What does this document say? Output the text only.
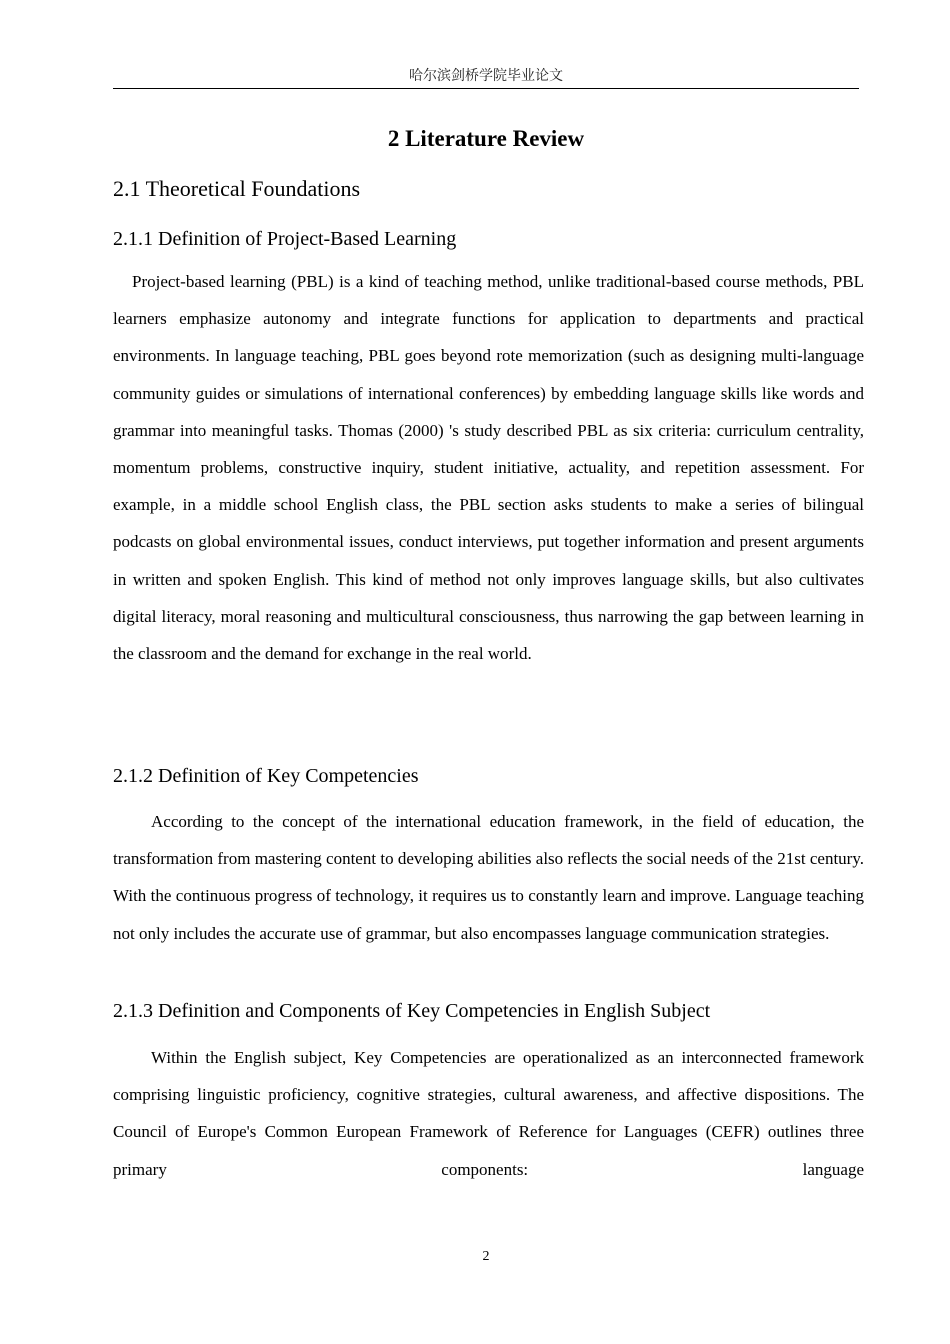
哈尔滨剑桥学院毕业论文
2 Literature Review
2.1 Theoretical Foundations
2.1.1 Definition of Project-Based Learning

Project-based learning (PBL) is a kind of teaching method, unlike traditional-based course methods, PBL learners emphasize autonomy and integrate functions for application to departments and practical environments. In language teaching, PBL goes beyond rote memorization (such as designing multi-language community guides or simulations of international conferences) by embedding language skills like words and grammar into meaningful tasks. Thomas (2000) 's study described PBL as six criteria: curriculum centrality, momentum problems, constructive inquiry, student initiative, actuality, and repetition assessment. For example, in a middle school English class, the PBL section asks students to make a series of bilingual podcasts on global environmental issues, conduct interviews, put together information and present arguments in written and spoken English. This kind of method not only improves language skills, but also cultivates digital literacy, moral reasoning and multicultural consciousness, thus narrowing the gap between learning in the classroom and the demand for exchange in the real world.

2.1.2 Definition of Key Competencies

According to the concept of the international education framework, in the field of education, the transformation from mastering content to developing abilities also reflects the social needs of the 21st century. With the continuous progress of technology, it requires us to constantly learn and improve. Language teaching not only includes the accurate use of grammar, but also encompasses language communication strategies.

2.1.3 Definition and Components of Key Competencies in English Subject

Within the English subject, Key Competencies are operationalized as an interconnected framework comprising linguistic proficiency, cognitive strategies, cultural awareness, and affective dispositions. The Council of Europe's Common European Framework of Reference for Languages (CEFR) outlines three primary components: language

2
